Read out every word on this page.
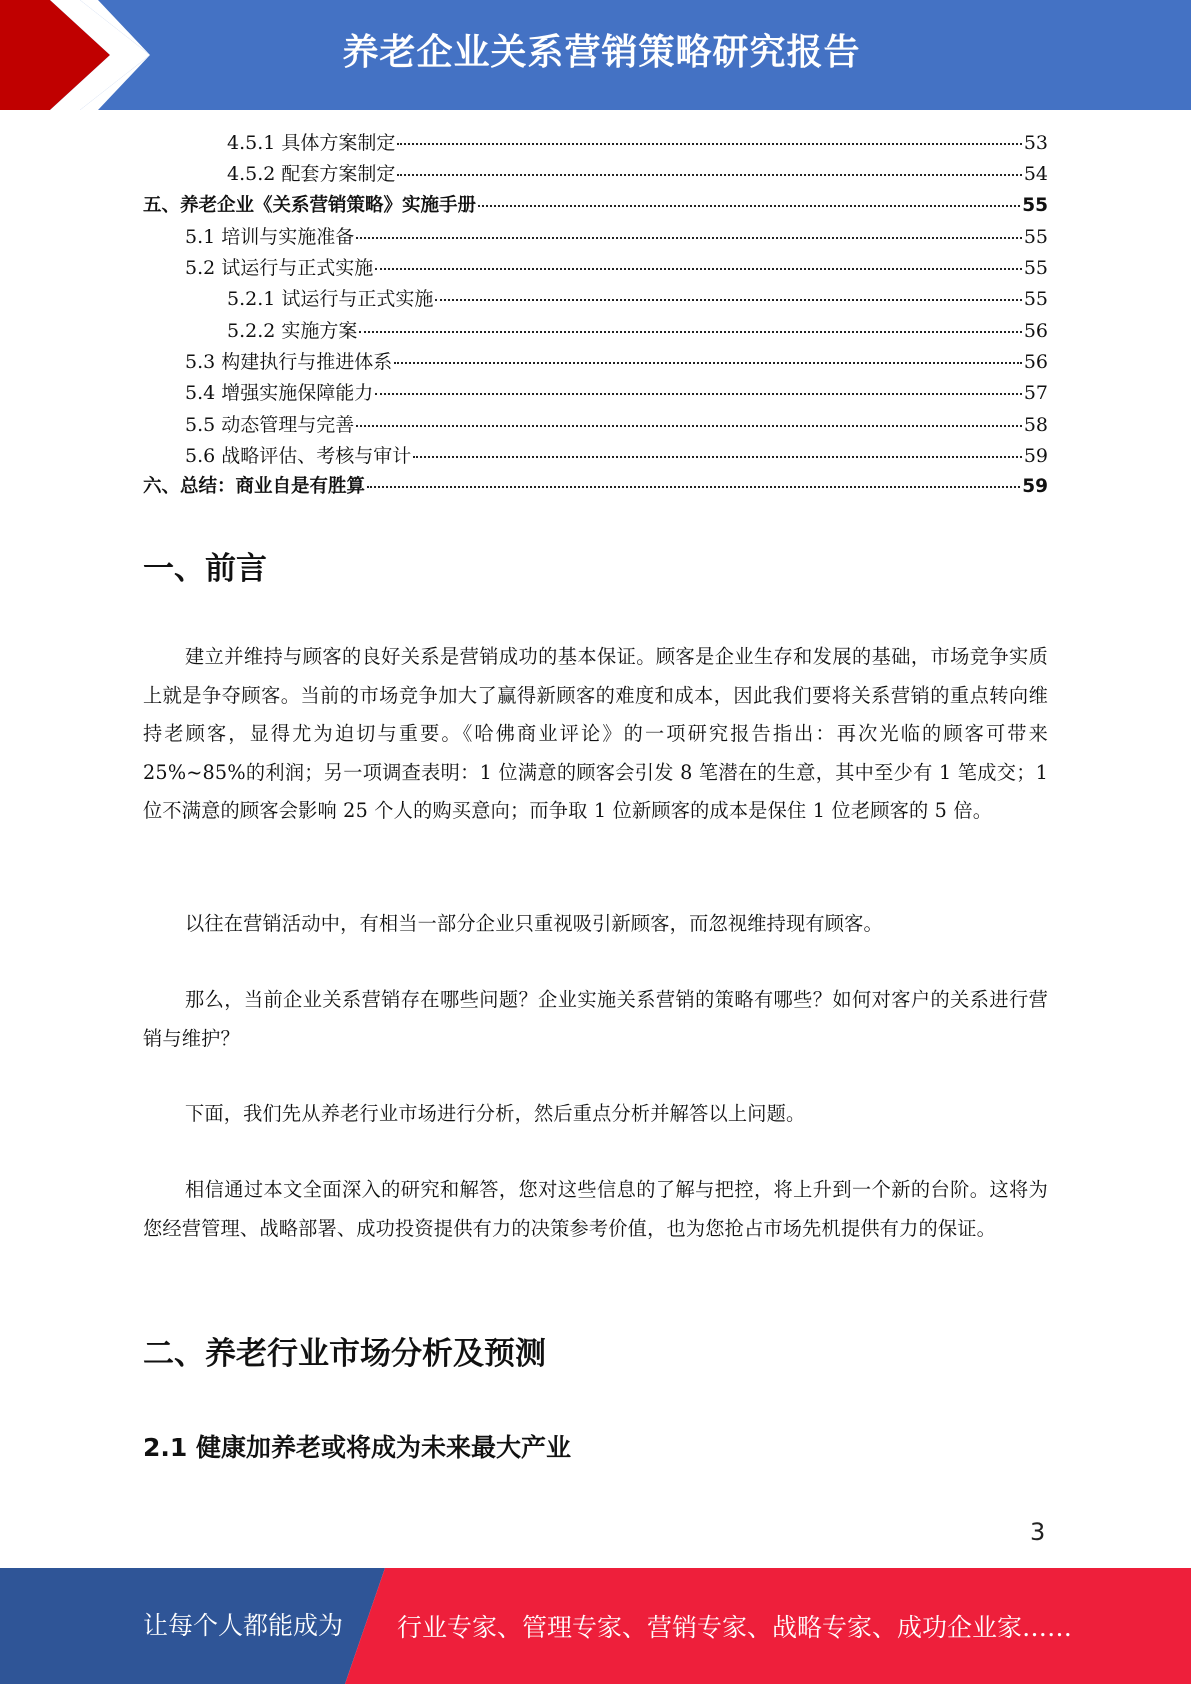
养老企业关系营销策略研究报告
4.5.1 具体方案制定	53
4.5.2 配套方案制定	54
五、养老企业《关系营销策略》实施手册	55
5.1 培训与实施准备	55
5.2 试运行与正式实施	55
5.2.1 试运行与正式实施	55
5.2.2 实施方案	56
5.3 构建执行与推进体系	56
5.4 增强实施保障能力	57
5.5 动态管理与完善	58
5.6 战略评估、考核与审计	59
六、总结：商业自是有胜算	59
一、前言

建立并维持与顾客的良好关系是营销成功的基本保证。顾客是企业生存和发展的基础，市场竞争实质上就是争夺顾客。当前的市场竞争加大了赢得新顾客的难度和成本，因此我们要将关系营销的重点转向维持老顾客，显得尤为迫切与重要。《哈佛商业评论》的一项研究报告指出：再次光临的顾客可带来 25%~85%的利润；另一项调查表明：1 位满意的顾客会引发 8 笔潜在的生意，其中至少有 1 笔成交；1 位不满意的顾客会影响 25 个人的购买意向；而争取 1 位新顾客的成本是保住 1 位老顾客的 5 倍。

以往在营销活动中，有相当一部分企业只重视吸引新顾客，而忽视维持现有顾客。

那么，当前企业关系营销存在哪些问题？企业实施关系营销的策略有哪些？如何对客户的关系进行营销与维护？

下面，我们先从养老行业市场进行分析，然后重点分析并解答以上问题。

相信通过本文全面深入的研究和解答，您对这些信息的了解与把控，将上升到一个新的台阶。这将为您经营管理、战略部署、成功投资提供有力的决策参考价值，也为您抢占市场先机提供有力的保证。

二、养老行业市场分析及预测
2.1 健康加养老或将成为未来最大产业
3
让每个人都能成为 行业专家、管理专家、营销专家、战略专家、成功企业家……
